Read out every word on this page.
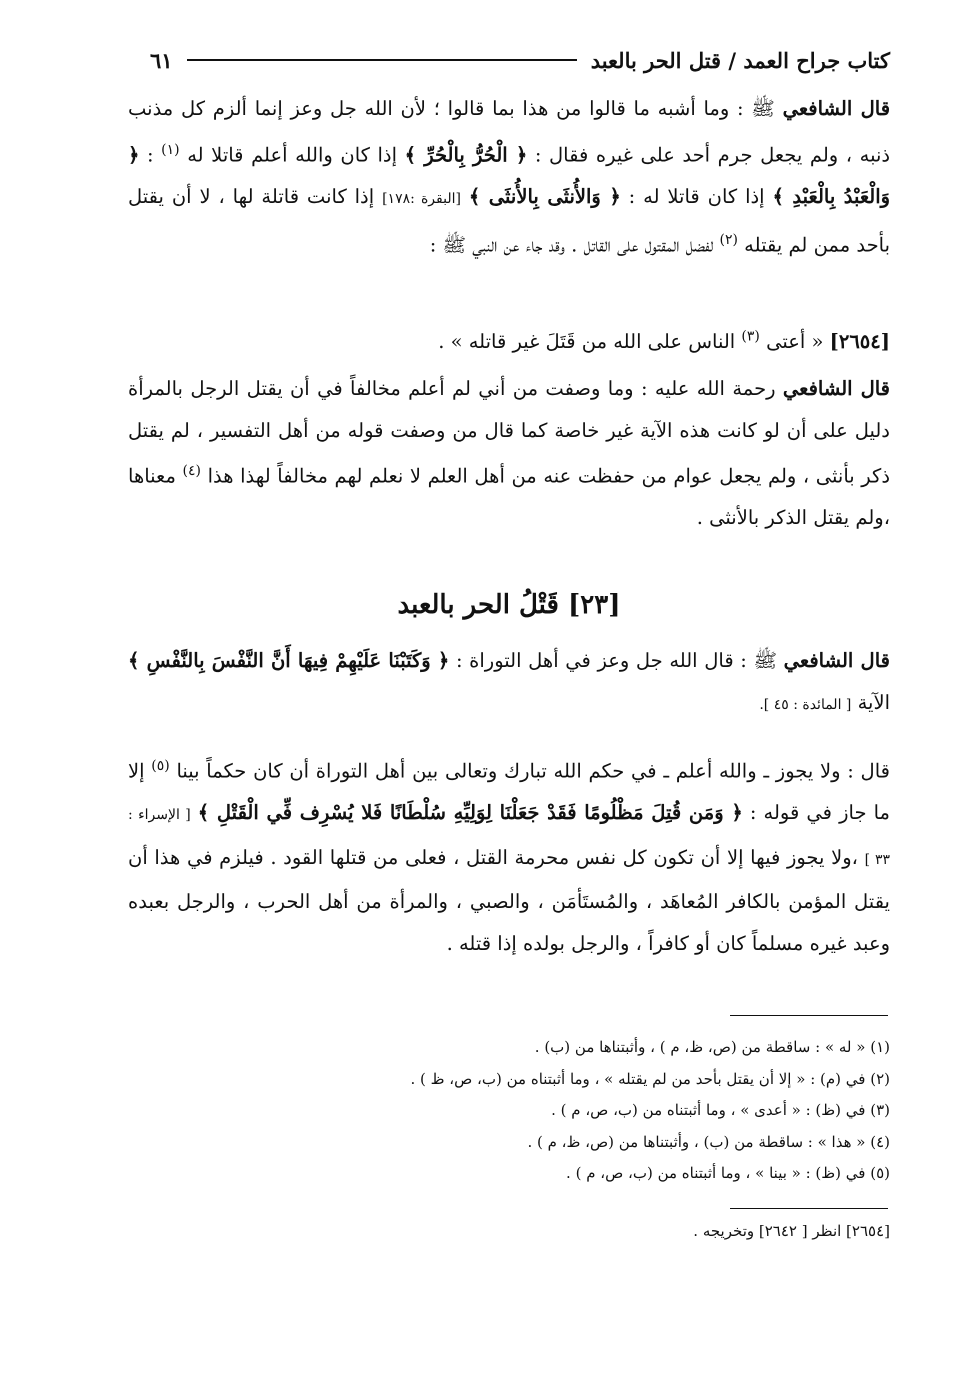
كتاب جراح العمد / قتل الحر بالعبد
٦١

قال الشافعي ﷺ : وما أشبه ما قالوا من هذا بما قالوا ؛ لأن الله جل وعز إنما ألزم كل مذنب ذنبه ، ولم يجعل جرم أحد على غيره فقال : ﴿ الْحُرُّ بِالْحُرِّ ﴾ إذا كان والله أعلم قاتلا له $^{(١)}$ : ﴿ وَالْعَبْدُ بِالْعَبْدِ ﴾ إذا كان قاتلا له : ﴿ وَالأُنثَى بِالأُنثَى ﴾ [البقرة :١٧٨] إذا كانت قاتلة لها ، لا أن يقتل بأحد ممن لم يقتله $^{(٢)}$ لفضل المقتول على القاتل . وقد جاء عن النبي ﷺ :

[٢٦٥٤] « أعتى $^{(٣)}$ الناس على الله من قَتَلَ غير قاتله » .

قال الشافعي رحمة الله عليه : وما وصفت من أني لم أعلم مخالفاً في أن يقتل الرجل بالمرأة دليل على أن لو كانت هذه الآية غير خاصة كما قال من وصفت قوله من أهل التفسير ، لم يقتل ذكر بأنثى ، ولم يجعل عوام من حفظت عنه من أهل العلم لا نعلم لهم مخالفاً لهذا هذا $^{(٤)}$ معناها ،ولم يقتل الذكر بالأنثى .

[٢٣] قَتْلُ الحر بالعبد

قال الشافعي ﷺ : قال الله جل وعز في أهل التوراة : ﴿ وَكَتَبْنَا عَلَيْهِمْ فِيهَا أَنَّ النَّفْسَ بِالنَّفْسِ ﴾ الآية [ المائدة : ٤٥ ].

قال : ولا يجوز ـ والله أعلم ـ في حكم الله تبارك وتعالى بين أهل التوراة أن كان حكماً بينا $^{(٥)}$ إلا ما جاز في قوله : ﴿ وَمَن قُتِلَ مَظْلُومًا فَقَدْ جَعَلْنَا لِوَلِيِّهِ سُلْطَانًا فَلا يُسْرِف فِّي الْقَتْلِ ﴾ [ الإسراء : ٣٣ ] ،ولا يجوز فيها إلا أن تكون كل نفس محرمة القتل ، فعلى من قتلها القود . فيلزم في هذا أن يقتل المؤمن بالكافر المُعاهَد ، والمُستَأمَن ، والصبي ، والمرأة من أهل الحرب ، والرجل بعبده وعبد غيره مسلماً كان أو كافراً ، والرجل بولده إذا قتله .

(١) « له » : ساقطة من (ص، ظ، م ) ، وأثبتناها من (ب) .
(٢) في (م) : « إلا أن يقتل بأحد من لم يقتله » ، وما أثبتناه من (ب، ص، ظ ) .
(٣) في (ظ) : « أعدى » ، وما أثبتناه من (ب، ص، م ) .
(٤) « هذا » : ساقطة من (ب) ، وأثبتناها من (ص، ظ، م ) .
(٥) في (ظ) : « بينا » ، وما أثبتناه من (ب، ص، م ) .
[٢٦٥٤] انظر [ ٢٦٤٢] وتخريجه .
